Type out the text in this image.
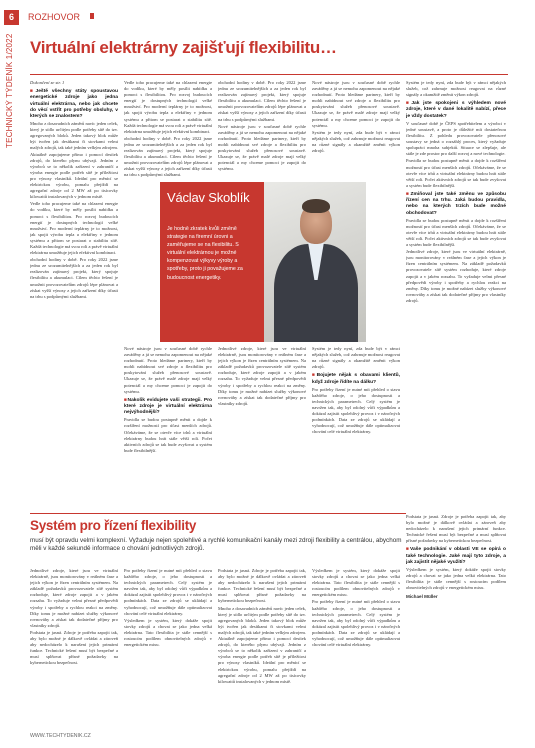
6
TECHNICKÝ TÝDENÍK 1/2022
ROZHOVOR
Virtuální elektrárny zajišťují flexibilitu…

Dokončení ze str. 1

■ Ještě všechny státy spoustavou energetické zdroje jako jedna virtuální elektrárna, nebo jak chcete do věcí vstřít pro potřeby obsluhy, v kterých se znalostem?

Mnoho z dosavadních záměrů navíc jeden celek, který je sídlo určitým podle potřeby sítě do tzv. agregovaných bloků. Jeden takový blok může být tvořen jak desítkami či stovkami velmi malých zdrojů, tak také jedním velkým zdrojem. Aktuálně zapojujeme přímo i pomocí desítek zdrojů, do kterého plynu ubývají. Jedním z výrobců se to několik zařízení v zahraničí a výroba energie podle potřeb sítě je příležitost pro výnosy vlastníků. Ideální pro měnící se elektrickou výrobu, pomalu přejíždí na agregační zdroje od 2 MW až po tisícovky kilowattů instalovaných v jednom místě.

Vedle toho pracujeme také na chlazení energie do vodíku, které by měly posílit nabídku a pomoci s flexibilitou. Pro rozvoj budoucích energií je dostupných technologií velké množství. Pro moderní teplárny je to možnost, jak spojit výrobu tepla a elektřiny v jednom systému a přitom se postarat o stabilitu sítě. Každá technologie má svou roli a právě virtuální elektrárna umožňuje jejich efektivní kombinaci.

obchodní hodiny v době. Pro roky 2022 jsme jednu ze srozumitelnějších a za jeden rok byl realizován zajímavý projekt, který spojuje flexibilitu a akumulaci. Cílem těchto řešení je umožnit provozovatelům zdrojů lépe plánovat a získat vyšší výnosy z jejich zařízení díky účasti na trhu s podpůrnými službami.

Vedle toho pracujeme také na chlazení energie do vodíku, které by měly posílit nabídku a pomoci s flexibilitou. Pro rozvoj budoucích energií je dostupných technologií velké množství. Pro moderní teplárny je to možnost, jak spojit výrobu tepla a elektřiny v jednom systému a přitom se postarat o stabilitu sítě. Každá technologie má svou roli a právě virtuální elektrárna umožňuje jejich efektivní kombinaci.

obchodní hodiny v době. Pro roky 2022 jsme jednu ze srozumitelnějších a za jeden rok byl realizován zajímavý projekt, který spojuje flexibilitu a akumulaci. Cílem těchto řešení je umožnit provozovatelům zdrojů lépe plánovat a získat vyšší výnosy z jejich zařízení díky účasti na trhu s podpůrnými službami.

obchodní hodiny v době. Pro roky 2022 jsme jednu ze srozumitelnějších a za jeden rok byl realizován zajímavý projekt, který spojuje flexibilitu a akumulaci. Cílem těchto řešení je umožnit provozovatelům zdrojů lépe plánovat a získat vyšší výnosy z jejich zařízení díky účasti na trhu s podpůrnými službami.

Nové nástroje jsou v současné době rychle zaváděny a já se nemohu zapomenout na nějaké rozhodnutí. Proto hledáme partnery, kteří by mohli nabídnout své zdroje a flexibilitu pro poskytování služeb přenosové soustavě. Ukazuje se, že právě malé zdroje mají velký potenciál a my chceme pomoci je zapojit do systému.

Nové nástroje jsou v současné době rychle zaváděny a já se nemohu zapomenout na nějaké rozhodnutí. Proto hledáme partnery, kteří by mohli nabídnout své zdroje a flexibilitu pro poskytování služeb přenosové soustavě. Ukazuje se, že právě malé zdroje mají velký potenciál a my chceme pomoci je zapojit do systému.

Systém je tedy nyní, zda bude být v rámci nějakých služeb, což zahrnuje možnost reagovat na různé signály a okamžitě změnit výkon zdrojů.

Systém je tedy nyní, zda bude být v rámci nějakých služeb, což zahrnuje možnost reagovat na různé signály a okamžitě změnit výkon zdrojů.

■ Jak jste spokojeni s výhledem nové zdroje, které v dané lokalitě nabízí, přece je vždy dostatek?

V současné době je ČEPS spotřebitelem a výrobci v jedné soustavě, a proto je důležité mít dostatečnou flexibilitu. Z pohledu provozovatele přenosové soustavy se jedná o rozsáhlý proces, který vyžaduje spolupráci mnoha subjektů. Situace se zlepšuje, ale stále je zde prostor pro další rozvoj a nové technologie.

Pravidla se budou postupně měnit a dojde k rozšíření možností pro účast menších zdrojů. Očekáváme, že se otevře více trhů a virtuální elektrárny budou hrát stále větší roli. Počet aktivních zdrojů se tak bude zvyšovat a systém bude flexibilnější.

■ Zmiňoval jste také změnu ve způsobu řízení cen na trhu. Jaká budou pravidla, nebo na kterých trzích bude možné obchodovat?

Pravidla se budou postupně měnit a dojde k rozšíření možností pro účast menších zdrojů. Očekáváme, že se otevře více trhů a virtuální elektrárny budou hrát stále větší roli. Počet aktivních zdrojů se tak bude zvyšovat a systém bude flexibilnější.

Jednotlivé zdroje, které jsou ve virtuální elektrárně, jsou monitorovány v reálném čase a jejich výkon je řízen centrálním systémem. Na základě požadavků provozovatele sítě systém rozhoduje, které zdroje zapojit a v jakém rozsahu. To vyžaduje velmi přesné předpovědi výroby i spotřeby a rychlou reakci na změny. Díky tomu je možné nabízet služby výkonové rovnováhy a získat tak dodatečné příjmy pro vlastníky zdrojů.

Václav Skoblík
Je hodně zkratek kvůli změně strategie na firemní úrovni a zaměřujeme se na flexibilitu. S virtuální elektrárnou je možné kompenzovat výkyvy výroby a spotřeby, proto ji považujeme za budoucnost energetiky.

Nové nástroje jsou v současné době rychle zaváděny a já se nemohu zapomenout na nějaké rozhodnutí. Proto hledáme partnery, kteří by mohli nabídnout své zdroje a flexibilitu pro poskytování služeb přenosové soustavě. Ukazuje se, že právě malé zdroje mají velký potenciál a my chceme pomoci je zapojit do systému.

■ Nakolik evidujete vaši strategii. Pro které zdroje je virtuální elektrárna nejvýhodnější?

Pravidla se budou postupně měnit a dojde k rozšíření možností pro účast menších zdrojů. Očekáváme, že se otevře více trhů a virtuální elektrárny budou hrát stále větší roli. Počet aktivních zdrojů se tak bude zvyšovat a systém bude flexibilnější.

Jednotlivé zdroje, které jsou ve virtuální elektrárně, jsou monitorovány v reálném čase a jejich výkon je řízen centrálním systémem. Na základě požadavků provozovatele sítě systém rozhoduje, které zdroje zapojit a v jakém rozsahu. To vyžaduje velmi přesné předpovědi výroby i spotřeby a rychlou reakci na změny. Díky tomu je možné nabízet služby výkonové rovnováhy a získat tak dodatečné příjmy pro vlastníky zdrojů.

Systém je tedy nyní, zda bude být v rámci nějakých služeb, což zahrnuje možnost reagovat na různé signály a okamžitě změnit výkon zdrojů.

■ Bojujete nějak s obavami klientů, když zdroje řídíte na dálku?

Pro potřeby řízení je nutné mít přehled o stavu každého zdroje, o jeho dostupnosti a technických parametrech. Celý systém je navržen tak, aby byl odolný vůči výpadkům a dokázal zajistit spolehlivý provoz i v náročných podmínkách. Data ze zdrojů se ukládají a vyhodnocují, což umožňuje dále optimalizovat chování celé virtuální elektrárny.

Systém pro řízení flexibility
musí být opravdu velmi komplexní. Vyžaduje nejen spolehlivé a rychlé komunikační kanály mezi zdroji flexibility a centrálou, abychom měli v každé sekundě informace o chování jednotlivých zdrojů.

Jednotlivé zdroje, které jsou ve virtuální elektrárně, jsou monitorovány v reálném čase a jejich výkon je řízen centrálním systémem. Na základě požadavků provozovatele sítě systém rozhoduje, které zdroje zapojit a v jakém rozsahu. To vyžaduje velmi přesné předpovědi výroby i spotřeby a rychlou reakci na změny. Díky tomu je možné nabízet služby výkonové rovnováhy a získat tak dodatečné příjmy pro vlastníky zdrojů.

Podstata je jasná. Zdroje je potřeba zapojit tak, aby bylo možné je dálkově ovládat a zároveň aby nedocházelo k narušení jejich primární funkce. Technické řešení musí být bezpečné a musí splňovat přísné požadavky na kybernetickou bezpečnost.

Pro potřeby řízení je nutné mít přehled o stavu každého zdroje, o jeho dostupnosti a technických parametrech. Celý systém je navržen tak, aby byl odolný vůči výpadkům a dokázal zajistit spolehlivý provoz i v náročných podmínkách. Data ze zdrojů se ukládají a vyhodnocují, což umožňuje dále optimalizovat chování celé virtuální elektrárny.

Výsledkem je systém, který dokáže spojit stovky zdrojů a chovat se jako jedna velká elektrárna. Tato flexibilita je stále cennější s rostoucím podílem obnovitelných zdrojů v energetickém mixu.

Podstata je jasná. Zdroje je potřeba zapojit tak, aby bylo možné je dálkově ovládat a zároveň aby nedocházelo k narušení jejich primární funkce. Technické řešení musí být bezpečné a musí splňovat přísné požadavky na kybernetickou bezpečnost.

Mnoho z dosavadních záměrů navíc jeden celek, který je sídlo určitým podle potřeby sítě do tzv. agregovaných bloků. Jeden takový blok může být tvořen jak desítkami či stovkami velmi malých zdrojů, tak také jedním velkým zdrojem. Aktuálně zapojujeme přímo i pomocí desítek zdrojů, do kterého plynu ubývají. Jedním z výrobců se to několik zařízení v zahraničí a výroba energie podle potřeb sítě je příležitost pro výnosy vlastníků. Ideální pro měnící se elektrickou výrobu, pomalu přejíždí na agregační zdroje od 2 MW až po tisícovky kilowattů instalovaných v jednom místě.

Výsledkem je systém, který dokáže spojit stovky zdrojů a chovat se jako jedna velká elektrárna. Tato flexibilita je stále cennější s rostoucím podílem obnovitelných zdrojů v energetickém mixu.

Pro potřeby řízení je nutné mít přehled o stavu každého zdroje, o jeho dostupnosti a technických parametrech. Celý systém je navržen tak, aby byl odolný vůči výpadkům a dokázal zajistit spolehlivý provoz i v náročných podmínkách. Data ze zdrojů se ukládají a vyhodnocují, což umožňuje dále optimalizovat chování celé virtuální elektrárny.

Podstata je jasná. Zdroje je potřeba zapojit tak, aby bylo možné je dálkově ovládat a zároveň aby nedocházelo k narušení jejich primární funkce. Technické řešení musí být bezpečné a musí splňovat přísné požadavky na kybernetickou bezpečnost.

■ Vaše podnikání v oblasti VE se opírá o také technologie. Jaké mají tyto zdroje, a jak zajistit nějaké využití?

Výsledkem je systém, který dokáže spojit stovky zdrojů a chovat se jako jedna velká elektrárna. Tato flexibilita je stále cennější s rostoucím podílem obnovitelných zdrojů v energetickém mixu.

Michael Müller

WWW.TECHTYDENIK.CZ
